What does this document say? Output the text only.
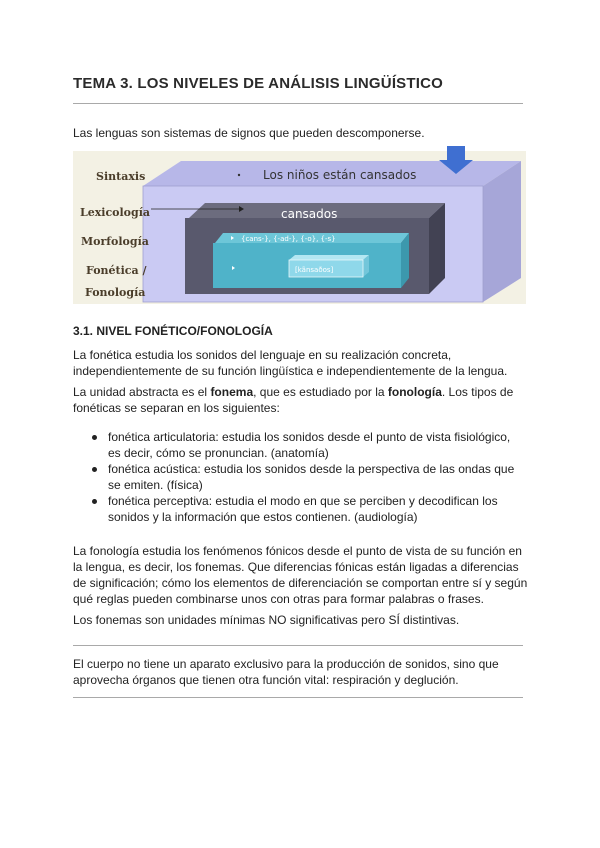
TEMA 3. LOS NIVELES DE ANÁLISIS LINGÜÍSTICO

Las lenguas son sistemas de signos que pueden descomponerse.

Los niños están cansados
cansados
{cans-}, {-ad-}, {-o}, {-s}
[kãnsaðos]
Sintaxis
Lexicología
Morfología
Fonética /
Fonología
3.1. NIVEL FONÉTICO/FONOLOGÍA

La fonética estudia los sonidos del lenguaje en su realización concreta, independientemente de su función lingüística e independientemente de la lengua.

La unidad abstracta es el fonema, que es estudiado por la fonología. Los tipos de fonéticas se separan en los siguientes:

fonética articulatoria: estudia los sonidos desde el punto de vista fisiológico, es decir, cómo se pronuncian. (anatomía)
fonética acústica: estudia los sonidos desde la perspectiva de las ondas que se emiten. (física)
fonética perceptiva: estudia el modo en que se perciben y decodifican los sonidos y la información que estos contienen. (audiología)

La fonología estudia los fenómenos fónicos desde el punto de vista de su función en la lengua, es decir, los fonemas. Que diferencias fónicas están ligadas a diferencias de significación; cómo los elementos de diferenciación se comportan entre sí y según qué reglas pueden combinarse unos con otras para formar palabras o frases.

Los fonemas son unidades mínimas NO significativas pero SÍ distintivas.

El cuerpo no tiene un aparato exclusivo para la producción de sonidos, sino que aprovecha órganos que tienen otra función vital: respiración y deglución.
